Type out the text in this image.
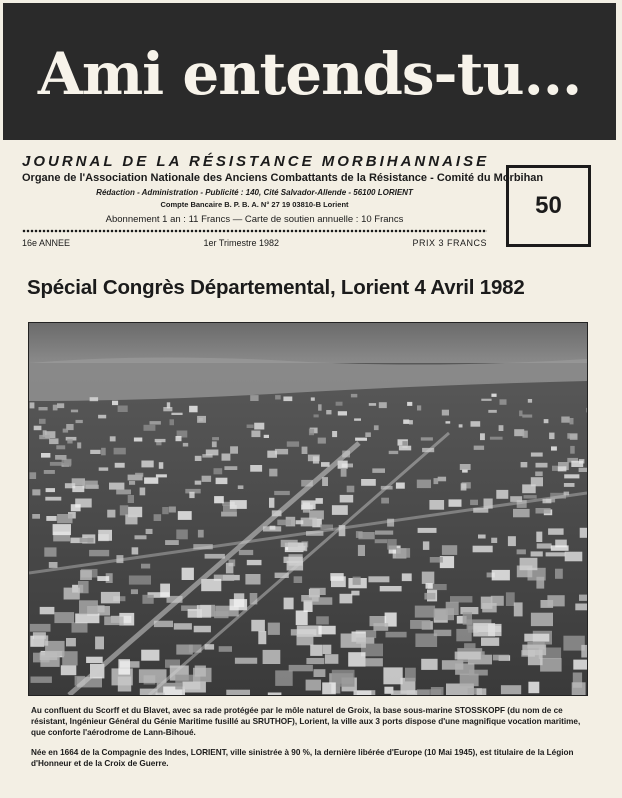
Ami entends-tu...
JOURNAL DE LA RÉSISTANCE MORBIHANNAISE
Organe de l'Association Nationale des Anciens Combattants de la Résistance - Comité du Morbihan
Rédaction - Administration - Publicité : 140, Cité Salvador-Allende - 56100 LORIENT
Compte Bancaire B. P. B. A. N° 27 19 03810-B Lorient
Abonnement 1 an : 11 Francs — Carte de soutien annuelle : 10 Francs
50
16e ANNEE	1er Trimestre 1982	PRIX 3 FRANCS
Spécial Congrès Départemental, Lorient 4 Avril 1982

Au confluent du Scorff et du Blavet, avec sa rade protégée par le môle naturel de Groix, la base sous-marine STOSSKOPF (du nom de ce résistant, Ingénieur Général du Génie Maritime fusillé au SRUTHOF), Lorient, la ville aux 3 ports dispose d'une magnifique vocation maritime, que conforte l'aérodrome de Lann-Bihoué.

Née en 1664 de la Compagnie des Indes, LORIENT, ville sinistrée à 90 %, la dernière libérée d'Europe (10 Mai 1945), est titulaire de la Légion d'Honneur et de la Croix de Guerre.
